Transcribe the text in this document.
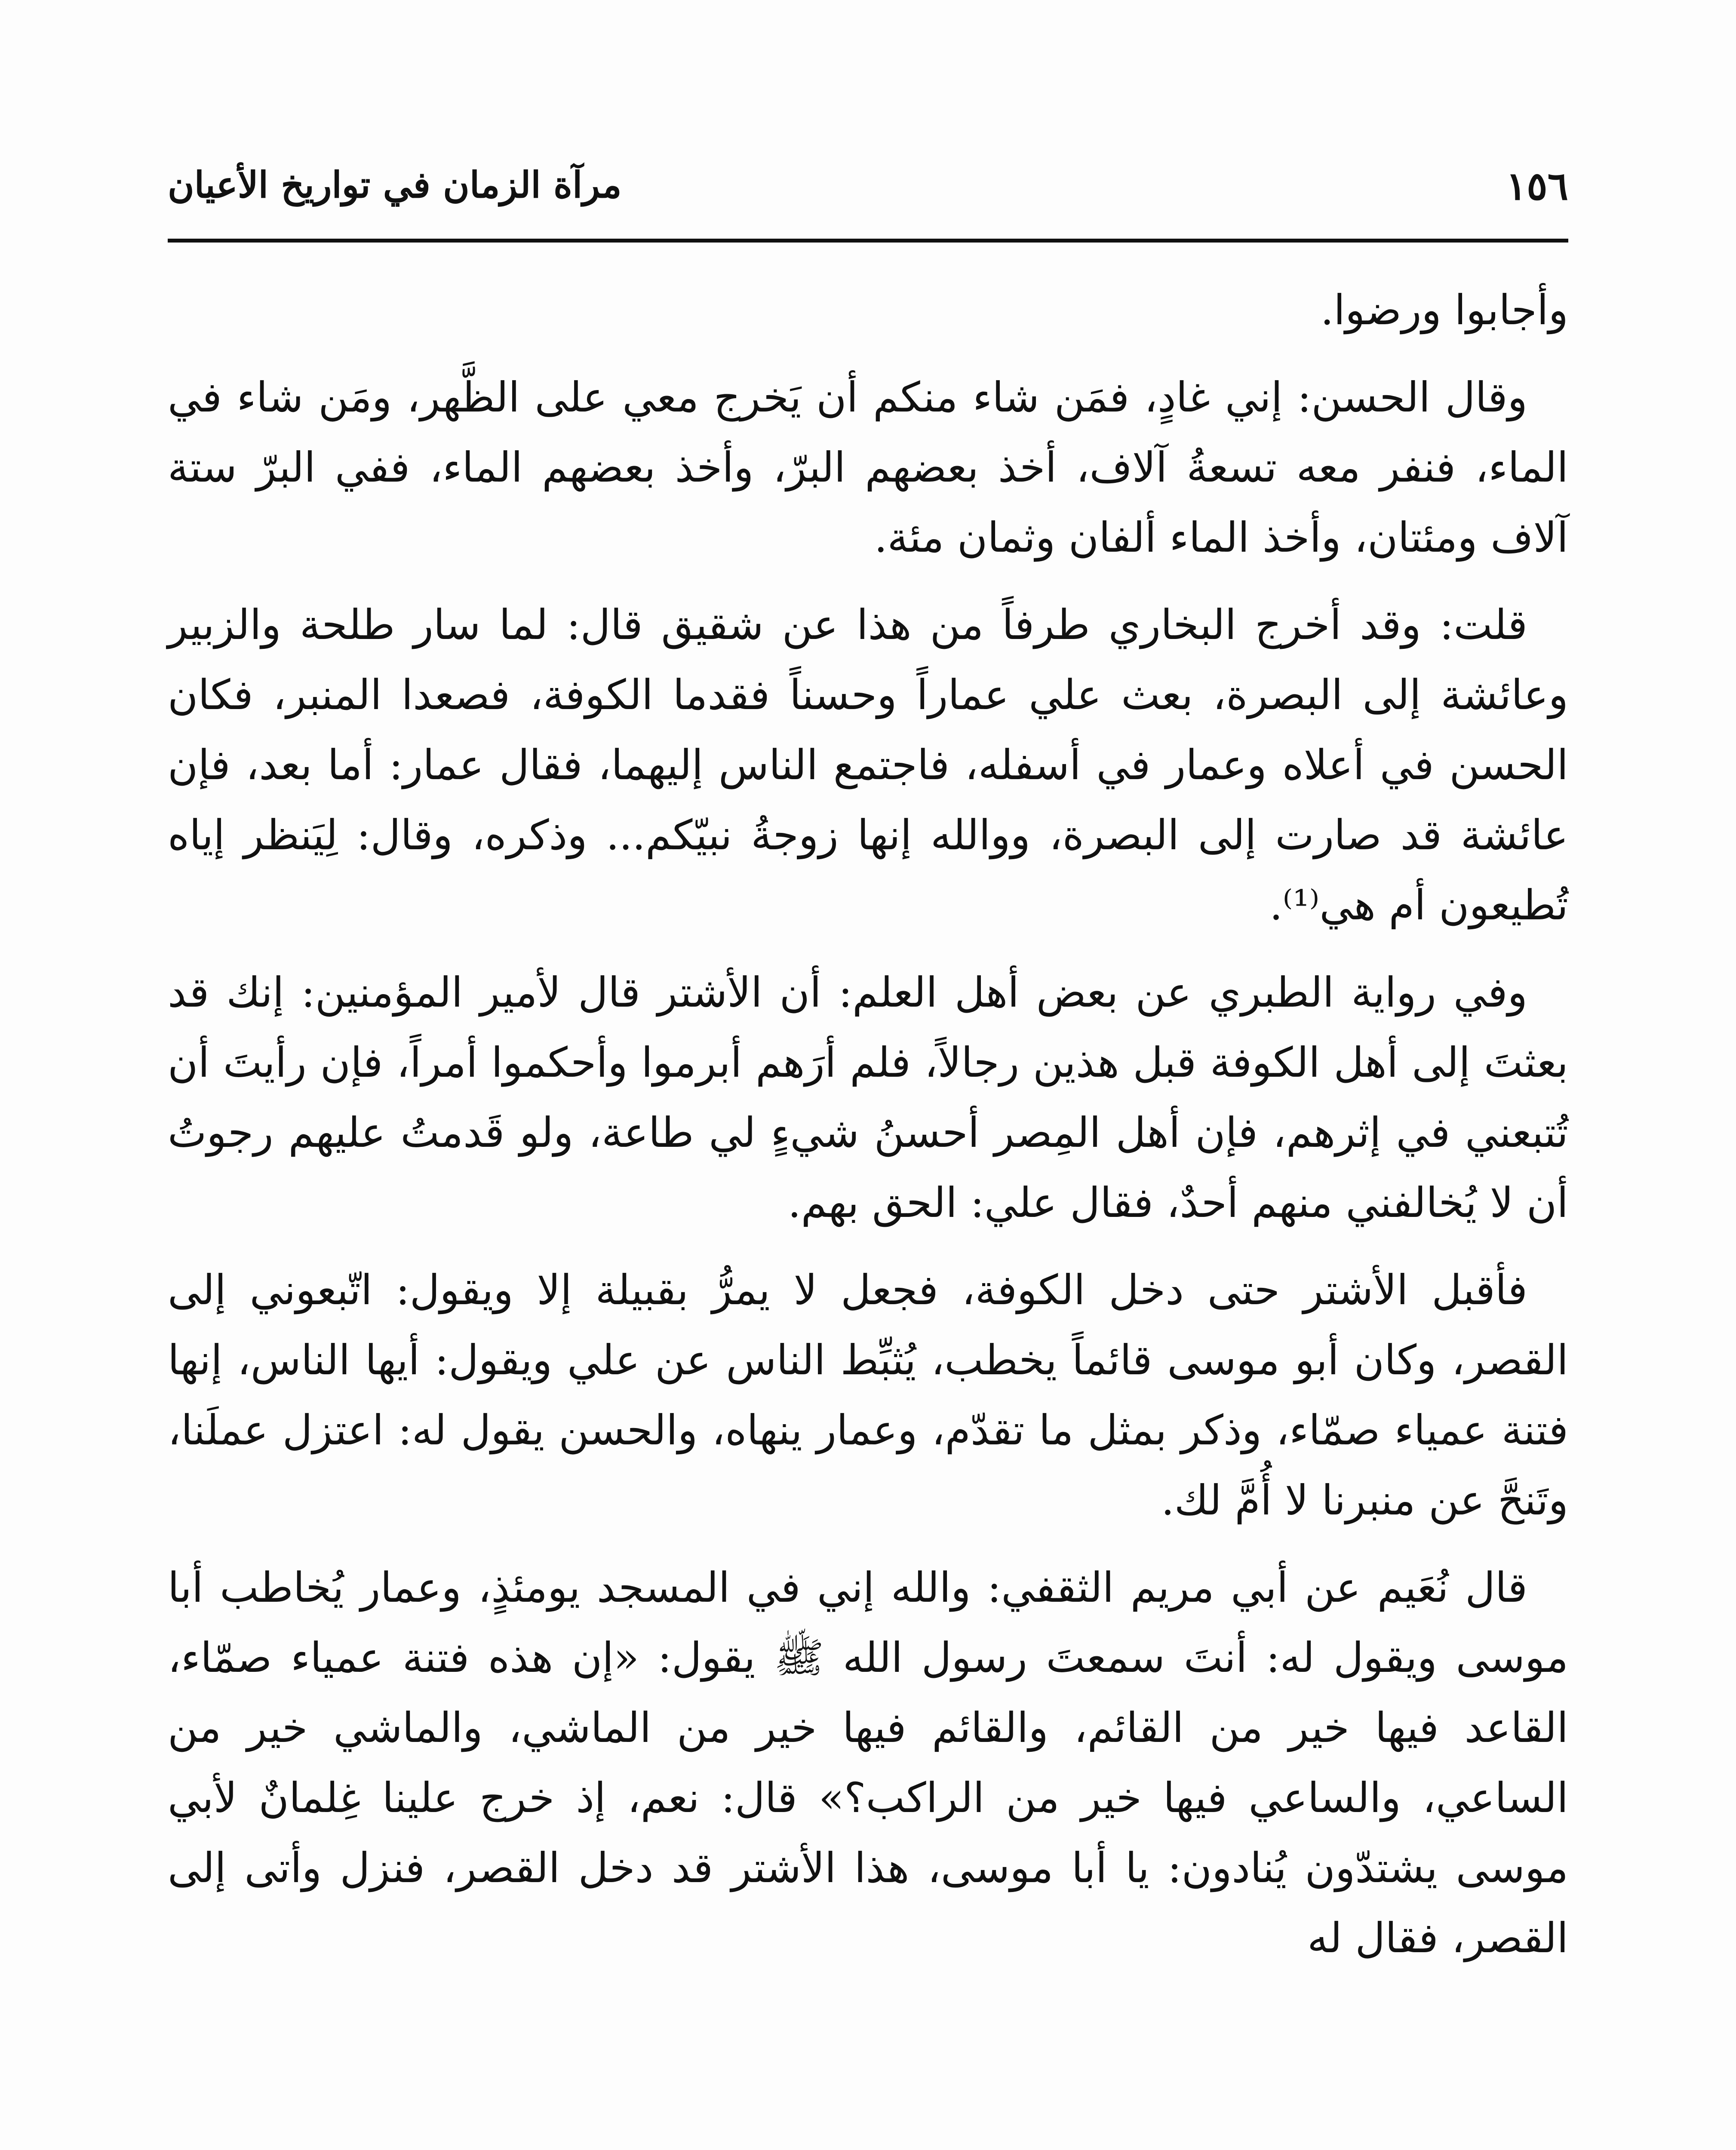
١٥٦
مرآة الزمان في تواريخ الأعيان

وأجابوا ورضوا.

وقال الحسن: إني غادٍ، فمَن شاء منكم أن يَخرج معي على الظَّهر، ومَن شاء في الماء، فنفر معه تسعةُ آلاف، أخذ بعضهم البرّ، وأخذ بعضهم الماء، ففي البرّ ستة آلاف ومئتان، وأخذ الماء ألفان وثمان مئة.

قلت: وقد أخرج البخاري طرفاً من هذا عن شقيق قال: لما سار طلحة والزبير وعائشة إلى البصرة، بعث علي عماراً وحسناً فقدما الكوفة، فصعدا المنبر، فكان الحسن في أعلاه وعمار في أسفله، فاجتمع الناس إليهما، فقال عمار: أما بعد، فإن عائشة قد صارت إلى البصرة، ووالله إنها زوجةُ نبيّكم... وذكره، وقال: لِيَنظر إياه تُطيعون أم هي⁽¹⁾.

وفي رواية الطبري عن بعض أهل العلم: أن الأشتر قال لأمير المؤمنين: إنك قد بعثتَ إلى أهل الكوفة قبل هذين رجالاً، فلم أرَهم أبرموا وأحكموا أمراً، فإن رأيتَ أن تُتبعني في إثرهم، فإن أهل المِصر أحسنُ شيءٍ لي طاعة، ولو قَدمتُ عليهم رجوتُ أن لا يُخالفني منهم أحدٌ، فقال علي: الحق بهم.

فأقبل الأشتر حتى دخل الكوفة، فجعل لا يمرُّ بقبيلة إلا ويقول: اتّبعوني إلى القصر، وكان أبو موسى قائماً يخطب، يُثبِّط الناس عن علي ويقول: أيها الناس، إنها فتنة عمياء صمّاء، وذكر بمثل ما تقدّم، وعمار ينهاه، والحسن يقول له: اعتزل عملَنا، وتَنحَّ عن منبرنا لا أُمَّ لك.

قال نُعَيم عن أبي مريم الثقفي: والله إني في المسجد يومئذٍ، وعمار يُخاطب أبا موسى ويقول له: أنتَ سمعتَ رسول الله ﷺ يقول: «إن هذه فتنة عمياء صمّاء، القاعد فيها خير من القائم، والقائم فيها خير من الماشي، والماشي خير من الساعي، والساعي فيها خير من الراكب؟» قال: نعم، إذ خرج علينا غِلمانٌ لأبي موسى يشتدّون يُنادون: يا أبا موسى، هذا الأشتر قد دخل القصر، فنزل وأتى إلى القصر، فقال له
